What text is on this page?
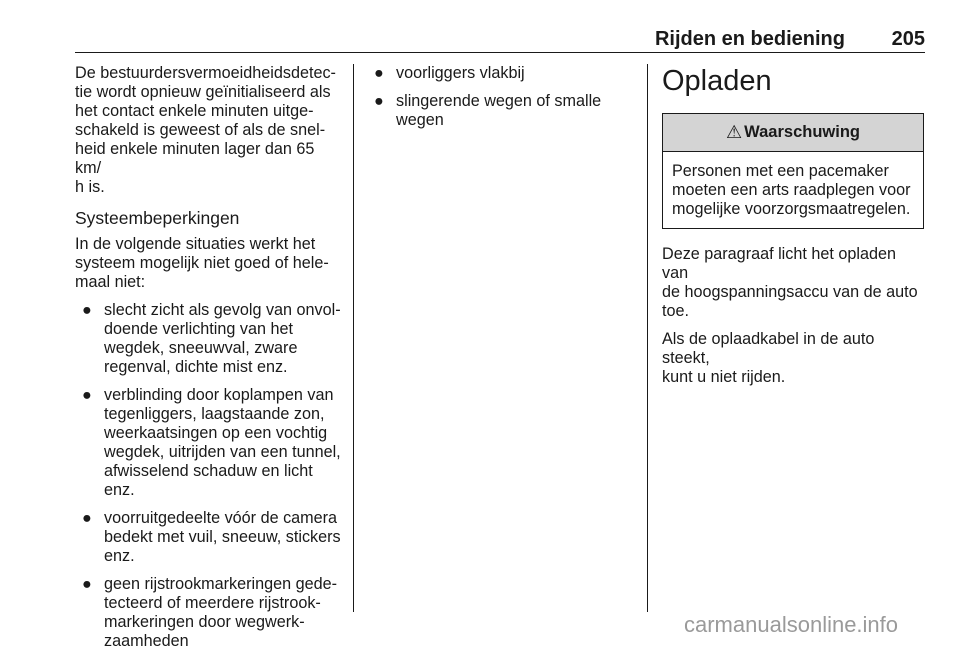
Rijden en bediening 205

De bestuurdersvermoeidheidsdetec-
tie wordt opnieuw geïnitialiseerd als
het contact enkele minuten uitge-
schakeld is geweest of als de snel-
heid enkele minuten lager dan 65 km/
h is.

Systeembeperkingen

In de volgende situaties werkt het
systeem mogelijk niet goed of hele-
maal niet:

● slecht zicht als gevolg van onvol-
doende verlichting van het
wegdek, sneeuwval, zware
regenval, dichte mist enz.
● verblinding door koplampen van
tegenliggers, laagstaande zon,
weerkaatsingen op een vochtig
wegdek, uitrijden van een tunnel,
afwisselend schaduw en licht
enz.
● voorruitgedeelte vóór de camera
bedekt met vuil, sneeuw, stickers
enz.
● geen rijstrookmarkeringen gede-
tecteerd of meerdere rijstrook-
markeringen door wegwerk-
zaamheden
● voorliggers vlakbij
● slingerende wegen of smalle
wegen
Opladen
⚠ Waarschuwing
Personen met een pacemaker
moeten een arts raadplegen voor
mogelijke voorzorgsmaatregelen.

Deze paragraaf licht het opladen van
de hoogspanningsaccu van de auto
toe.

Als de oplaadkabel in de auto steekt,
kunt u niet rijden.

carmanualsonline.info
